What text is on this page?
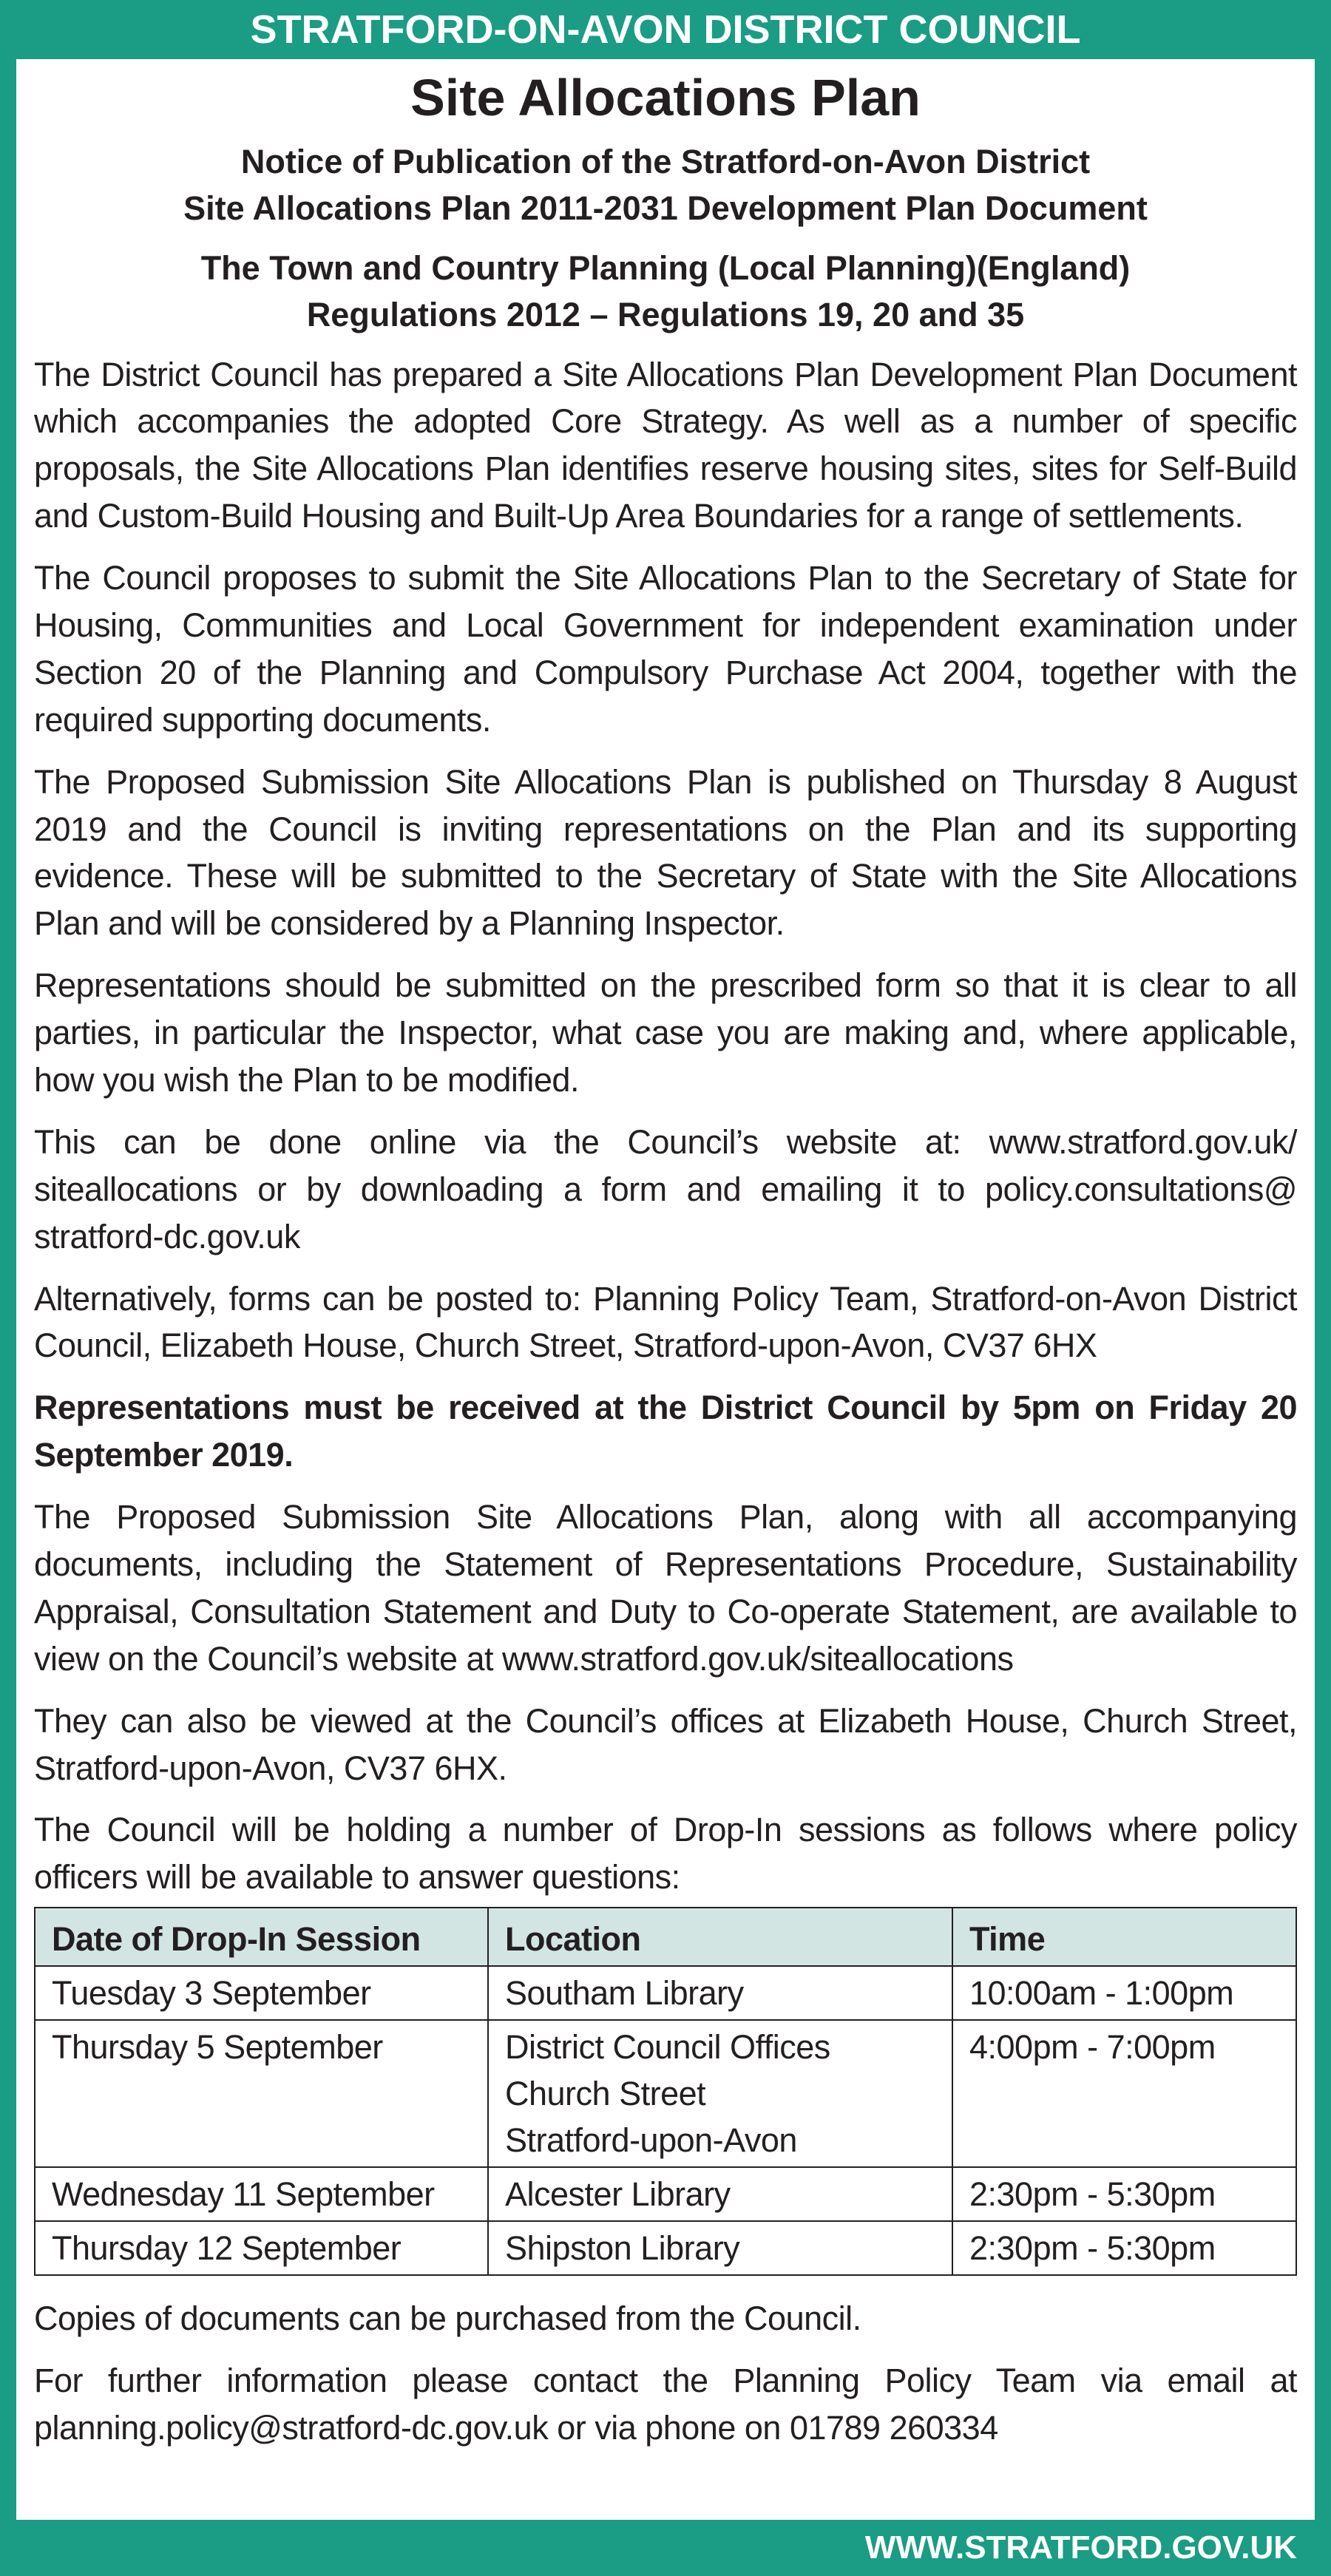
STRATFORD-ON-AVON DISTRICT COUNCIL
Site Allocations Plan
Notice of Publication of the Stratford-on-Avon District
Site Allocations Plan 2011-2031 Development Plan Document
The Town and Country Planning (Local Planning)(England)
Regulations 2012 – Regulations 19, 20 and 35

The District Council has prepared a Site Allocations Plan Development Plan Document which accompanies the adopted Core Strategy. As well as a number of specific proposals, the Site Allocations Plan identifies reserve housing sites, sites for Self-Build and Custom-Build Housing and Built-Up Area Boundaries for a range of settlements.

The Council proposes to submit the Site Allocations Plan to the Secretary of State for Housing, Communities and Local Government for independent examination under Section 20 of the Planning and Compulsory Purchase Act 2004, together with the required supporting documents.

The Proposed Submission Site Allocations Plan is published on Thursday 8 August 2019 and the Council is inviting representations on the Plan and its supporting evidence. These will be submitted to the Secretary of State with the Site Allocations Plan and will be considered by a Planning Inspector.

Representations should be submitted on the prescribed form so that it is clear to all parties, in particular the Inspector, what case you are making and, where applicable, how you wish the Plan to be modified.

This can be done online via the Council’s website at: www.stratford.gov.uk/ siteallocations or by downloading a form and emailing it to policy.consultations@ stratford-dc.gov.uk

Alternatively, forms can be posted to: Planning Policy Team, Stratford-on-Avon District Council, Elizabeth House, Church Street, Stratford-upon-Avon, CV37 6HX

Representations must be received at the District Council by 5pm on Friday 20 September 2019.

The Proposed Submission Site Allocations Plan, along with all accompanying documents, including the Statement of Representations Procedure, Sustainability Appraisal, Consultation Statement and Duty to Co-operate Statement, are available to view on the Council’s website at www.stratford.gov.uk/siteallocations

They can also be viewed at the Council’s offices at Elizabeth House, Church Street, Stratford-upon-Avon, CV37 6HX.

The Council will be holding a number of Drop-In sessions as follows where policy officers will be available to answer questions:

Date of Drop-In Session	Location	Time
Tuesday 3 September	Southam Library	10:00am - 1:00pm
Thursday 5 September	District Council Offices
Church Street
Stratford-upon-Avon	4:00pm - 7:00pm
Wednesday 11 September	Alcester Library	2:30pm - 5:30pm
Thursday 12 September	Shipston Library	2:30pm - 5:30pm

Copies of documents can be purchased from the Council.

For further information please contact the Planning Policy Team via email at planning.policy@stratford-dc.gov.uk or via phone on 01789 260334

WWW.STRATFORD.GOV.UK
